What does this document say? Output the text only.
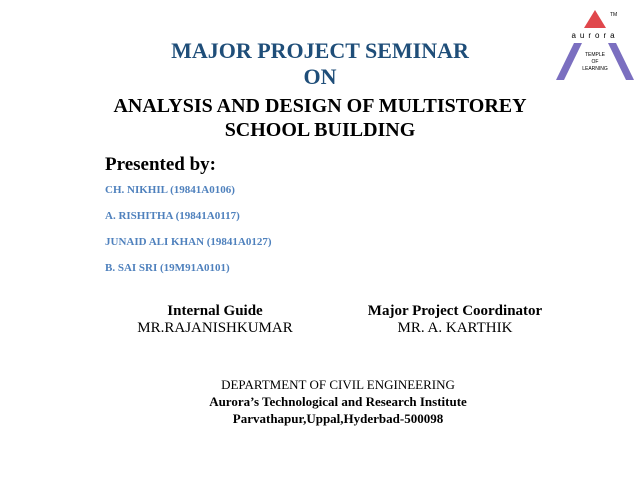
TM
aurora
TEMPLE
OF
LEARNING
MAJOR PROJECT SEMINAR
ON
ANALYSIS AND DESIGN OF MULTISTOREY
SCHOOL BUILDING
Presented by:
CH. NIKHIL (19841A0106)
A. RISHITHA (19841A0117)
JUNAID ALI KHAN (19841A0127)
B. SAI SRI (19M91A0101)
Internal Guide
MR.RAJANISHKUMAR
Major Project Coordinator
MR. A. KARTHIK
DEPARTMENT OF CIVIL ENGINEERING
Aurora’s Technological and Research Institute
Parvathapur,Uppal,Hyderbad-500098
